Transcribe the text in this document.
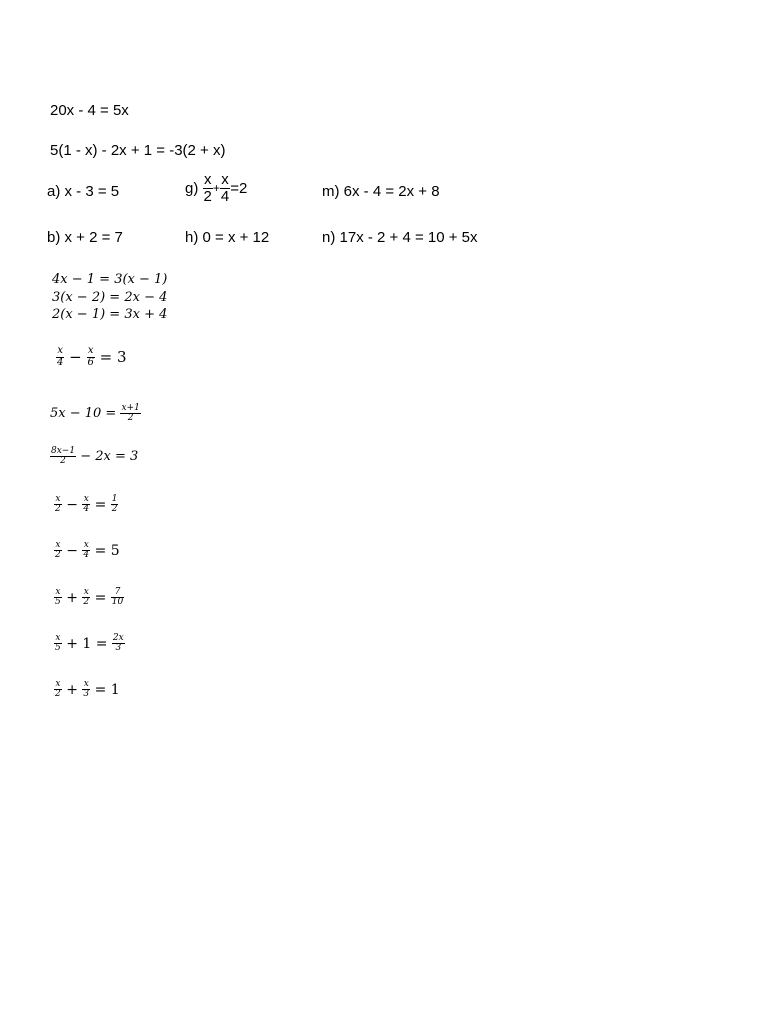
20x - 4 = 5x
5(1 - x) - 2x + 1 = -3(2 + x)
a) x - 3 = 5	$g) \frac{x}{2} + \frac{x}{4} =2$	m) 6x - 4 = 2x + 8
b) x + 2 = 7	h) 0 = x + 12	n) 17x - 2 + 4 = 10 + 5x
4x − 1 = 3(x − 1)
3(x − 2) = 2x − 4
2(x − 1) = 3x + 4
$\frac{x}{4} - \frac{x}{6} = 3$
$5x - 10 = \frac{x+1}{2}$
$\frac{8x-1}{2} - 2x = 3$
$\frac{x}{2} - \frac{x}{4} = \frac{1}{2}$
$\frac{x}{2} - \frac{x}{4} = 5$
$\frac{x}{5} + \frac{x}{2} = \frac{7}{10}$
$\frac{x}{5} + 1 = \frac{2x}{3}$
$\frac{x}{2} + \frac{x}{3} = 1$
